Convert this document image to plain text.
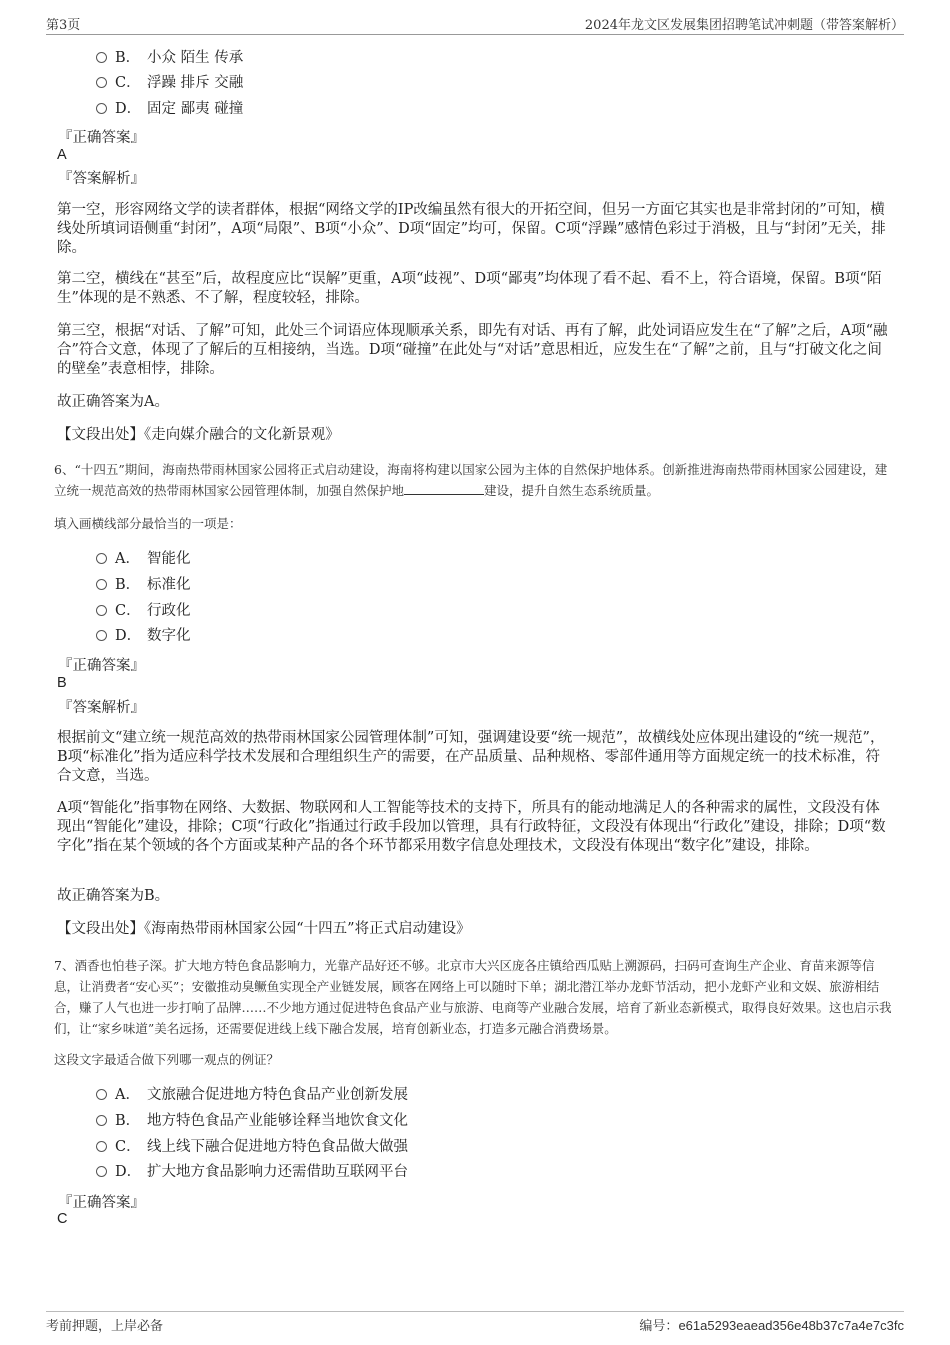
第3页	2024年龙文区发展集团招聘笔试冲刺题（带答案解析）
B． 小众 陌生 传承
C． 浮躁 排斥 交融
D． 固定 鄙夷 碰撞
『正确答案』
A
『答案解析』
第一空，形容网络文学的读者群体，根据“网络文学的IP改编虽然有很大的开拓空间，但另一方面它其实也是非常封闭的”可知，横线处所填词语侧重“封闭”，A项“局限”、B项“小众”、D项“固定”均可，保留。C项“浮躁”感情色彩过于消极，且与“封闭”无关，排除。
第二空，横线在“甚至”后，故程度应比“误解”更重，A项“歧视”、D项“鄙夷”均体现了看不起、看不上，符合语境，保留。B项“陌生”体现的是不熟悉、不了解，程度较轻，排除。
第三空，根据“对话、了解”可知，此处三个词语应体现顺承关系，即先有对话、再有了解，此处词语应发生在“了解”之后，A项“融合”符合文意，体现了了解后的互相接纳，当选。D项“碰撞”在此处与“对话”意思相近，应发生在“了解”之前，且与“打破文化之间的壁垒”表意相悖，排除。
故正确答案为A。
【文段出处】《走向媒介融合的文化新景观》
6、“十四五”期间，海南热带雨林国家公园将正式启动建设，海南将构建以国家公园为主体的自然保护地体系。创新推进海南热带雨林国家公园建设，建立统一规范高效的热带雨林国家公园管理体制，加强自然保护地	建设，提升自然生态系统质量。
填入画横线部分最恰当的一项是：
A． 智能化
B． 标准化
C． 行政化
D． 数字化
『正确答案』
B
『答案解析』
根据前文“建立统一规范高效的热带雨林国家公园管理体制”可知，强调建设要“统一规范”，故横线处应体现出建设的“统一规范”，B项“标准化”指为适应科学技术发展和合理组织生产的需要，在产品质量、品种规格、零部件通用等方面规定统一的技术标准，符合文意，当选。
A项“智能化”指事物在网络、大数据、物联网和人工智能等技术的支持下，所具有的能动地满足人的各种需求的属性，文段没有体现出“智能化”建设，排除；C项“行政化”指通过行政手段加以管理，具有行政特征，文段没有体现出“行政化”建设，排除；D项“数字化”指在某个领域的各个方面或某种产品的各个环节都采用数字信息处理技术，文段没有体现出“数字化”建设，排除。
故正确答案为B。
【文段出处】《海南热带雨林国家公园“十四五”将正式启动建设》
7、酒香也怕巷子深。扩大地方特色食品影响力，光靠产品好还不够。北京市大兴区庞各庄镇给西瓜贴上溯源码，扫码可查询生产企业、育苗来源等信息，让消费者“安心买”；安徽推动臭鳜鱼实现全产业链发展，顾客在网络上可以随时下单；湖北潜江举办龙虾节活动，把小龙虾产业和文娱、旅游相结合，赚了人气也进一步打响了品牌……不少地方通过促进特色食品产业与旅游、电商等产业融合发展，培育了新业态新模式，取得良好效果。这也启示我们，让“家乡味道”美名远扬，还需要促进线上线下融合发展，培育创新业态，打造多元融合消费场景。
这段文字最适合做下列哪一观点的例证？
A． 文旅融合促进地方特色食品产业创新发展
B． 地方特色食品产业能够诠释当地饮食文化
C． 线上线下融合促进地方特色食品做大做强
D． 扩大地方食品影响力还需借助互联网平台
『正确答案』
C
考前押题，上岸必备	编号：e61a5293eaead356e48b37c7a4e7c3fc
